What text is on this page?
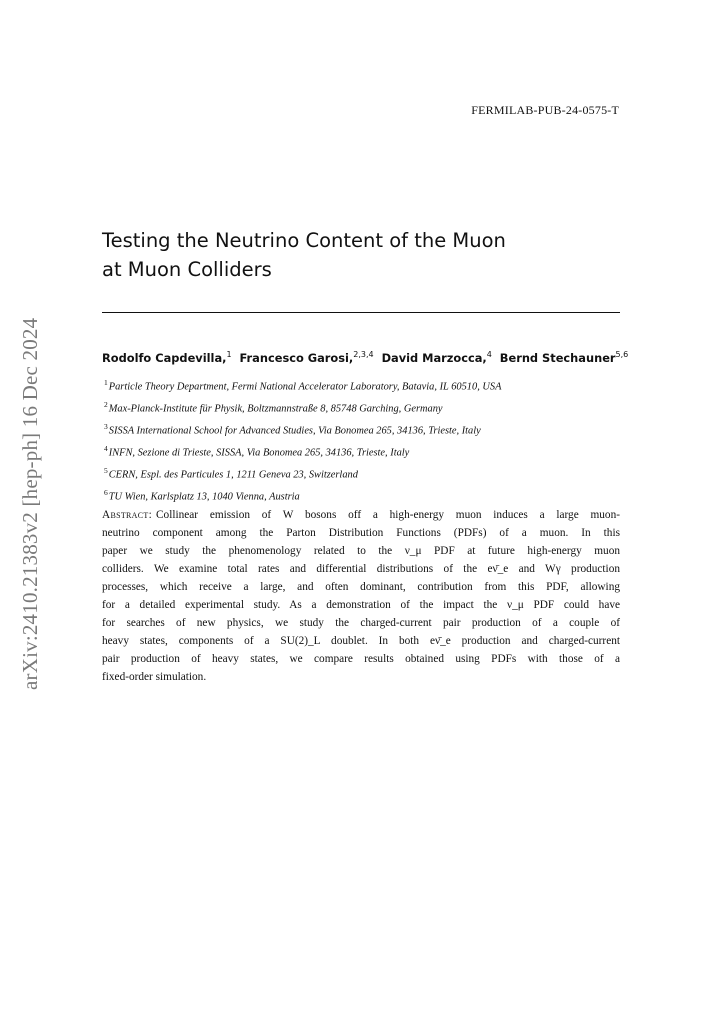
FERMILAB-PUB-24-0575-T
Testing the Neutrino Content of the Muon
at Muon Colliders
Rodolfo Capdevilla,$^1$ Francesco Garosi,$^{2,3,4}$ David Marzocca,$^4$ Bernd Stechauner$^{5,6}$
$^1$Particle Theory Department, Fermi National Accelerator Laboratory, Batavia, IL 60510, USA
$^2$Max-Planck-Institute für Physik, Boltzmannstraße 8, 85748 Garching, Germany
$^3$SISSA International School for Advanced Studies, Via Bonomea 265, 34136, Trieste, Italy
$^4$INFN, Sezione di Trieste, SISSA, Via Bonomea 265, 34136, Trieste, Italy
$^5$CERN, Espl. des Particules 1, 1211 Geneva 23, Switzerland
$^6$TU Wien, Karlsplatz 13, 1040 Vienna, Austria
Abstract: Collinear emission of W bosons off a high-energy muon induces a large muon-
neutrino component among the Parton Distribution Functions (PDFs) of a muon. In this
paper we study the phenomenology related to the ν_μ PDF at future high-energy muon
colliders. We examine total rates and differential distributions of the eν̄_e and Wγ production
processes, which receive a large, and often dominant, contribution from this PDF, allowing
for a detailed experimental study. As a demonstration of the impact the ν_μ PDF could have
for searches of new physics, we study the charged-current pair production of a couple of
heavy states, components of a SU(2)_L doublet. In both eν̄_e production and charged-current
pair production of heavy states, we compare results obtained using PDFs with those of a
fixed-order simulation.
arXiv:2410.21383v2 [hep-ph] 16 Dec 2024
